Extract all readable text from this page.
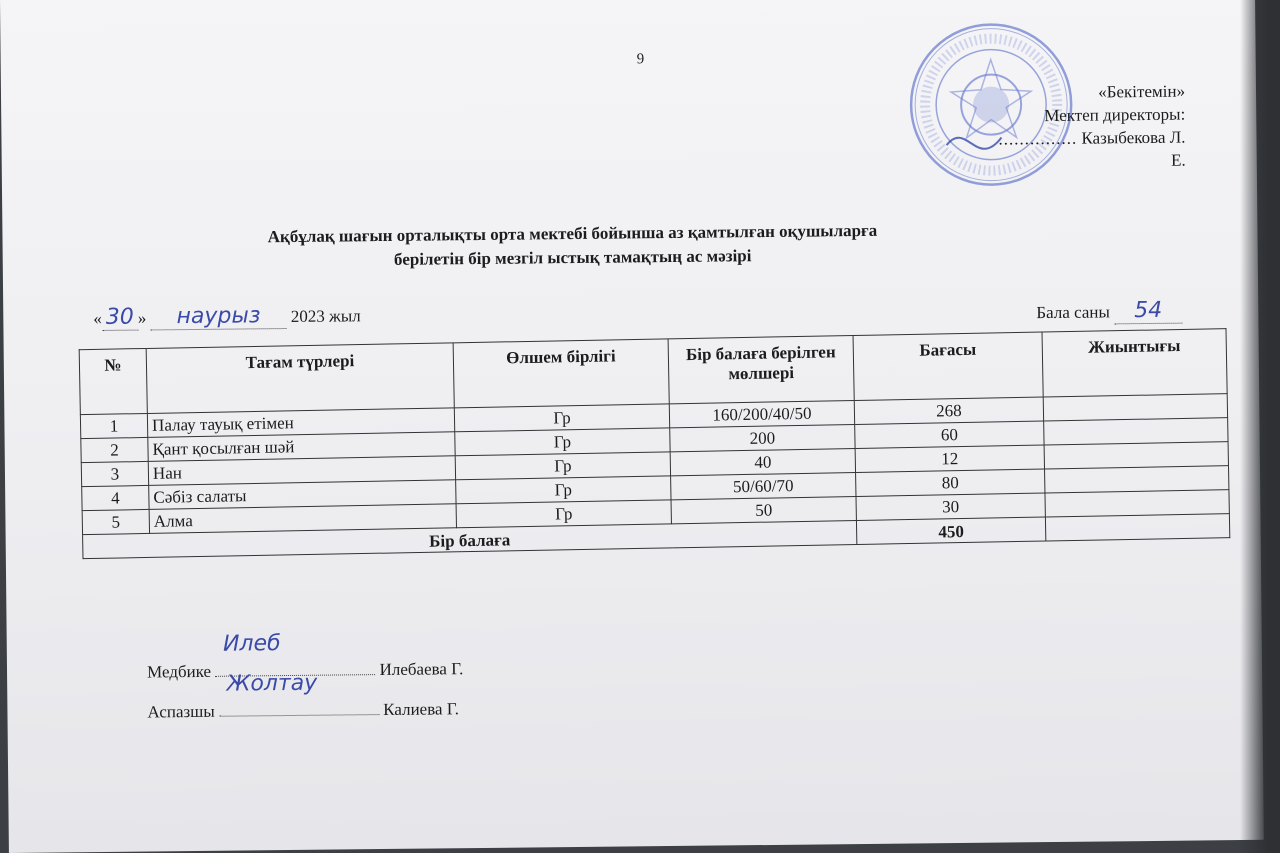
9
«Бекітемін»
Мектеп директоры:
............... Казыбекова Л. Е.
Ақбұлақ шағын орталықты орта мектебі бойынша аз қамтылған оқушыларға
берілетін бір мезгіл ыстық тамақтың ас мәзірі
« 30 » наурыз 2023 жыл	Бала саны 54
№	Тағам түрлері	Өлшем бірлігі	Бір балаға берілген мөлшері	Бағасы	Жиынтығы
1	Палау тауық етімен	Гр	160/200/40/50	268	
2	Қант қосылған шәй	Гр	200	60	
3	Нан	Гр	40	12	
4	Сәбіз салаты	Гр	50/60/70	80	
5	Алма	Гр	50	30	
Бір балаға				450	
Медбике
Илеб
Илебаева Г.
Аспазшы
Жолтау
Калиева Г.
